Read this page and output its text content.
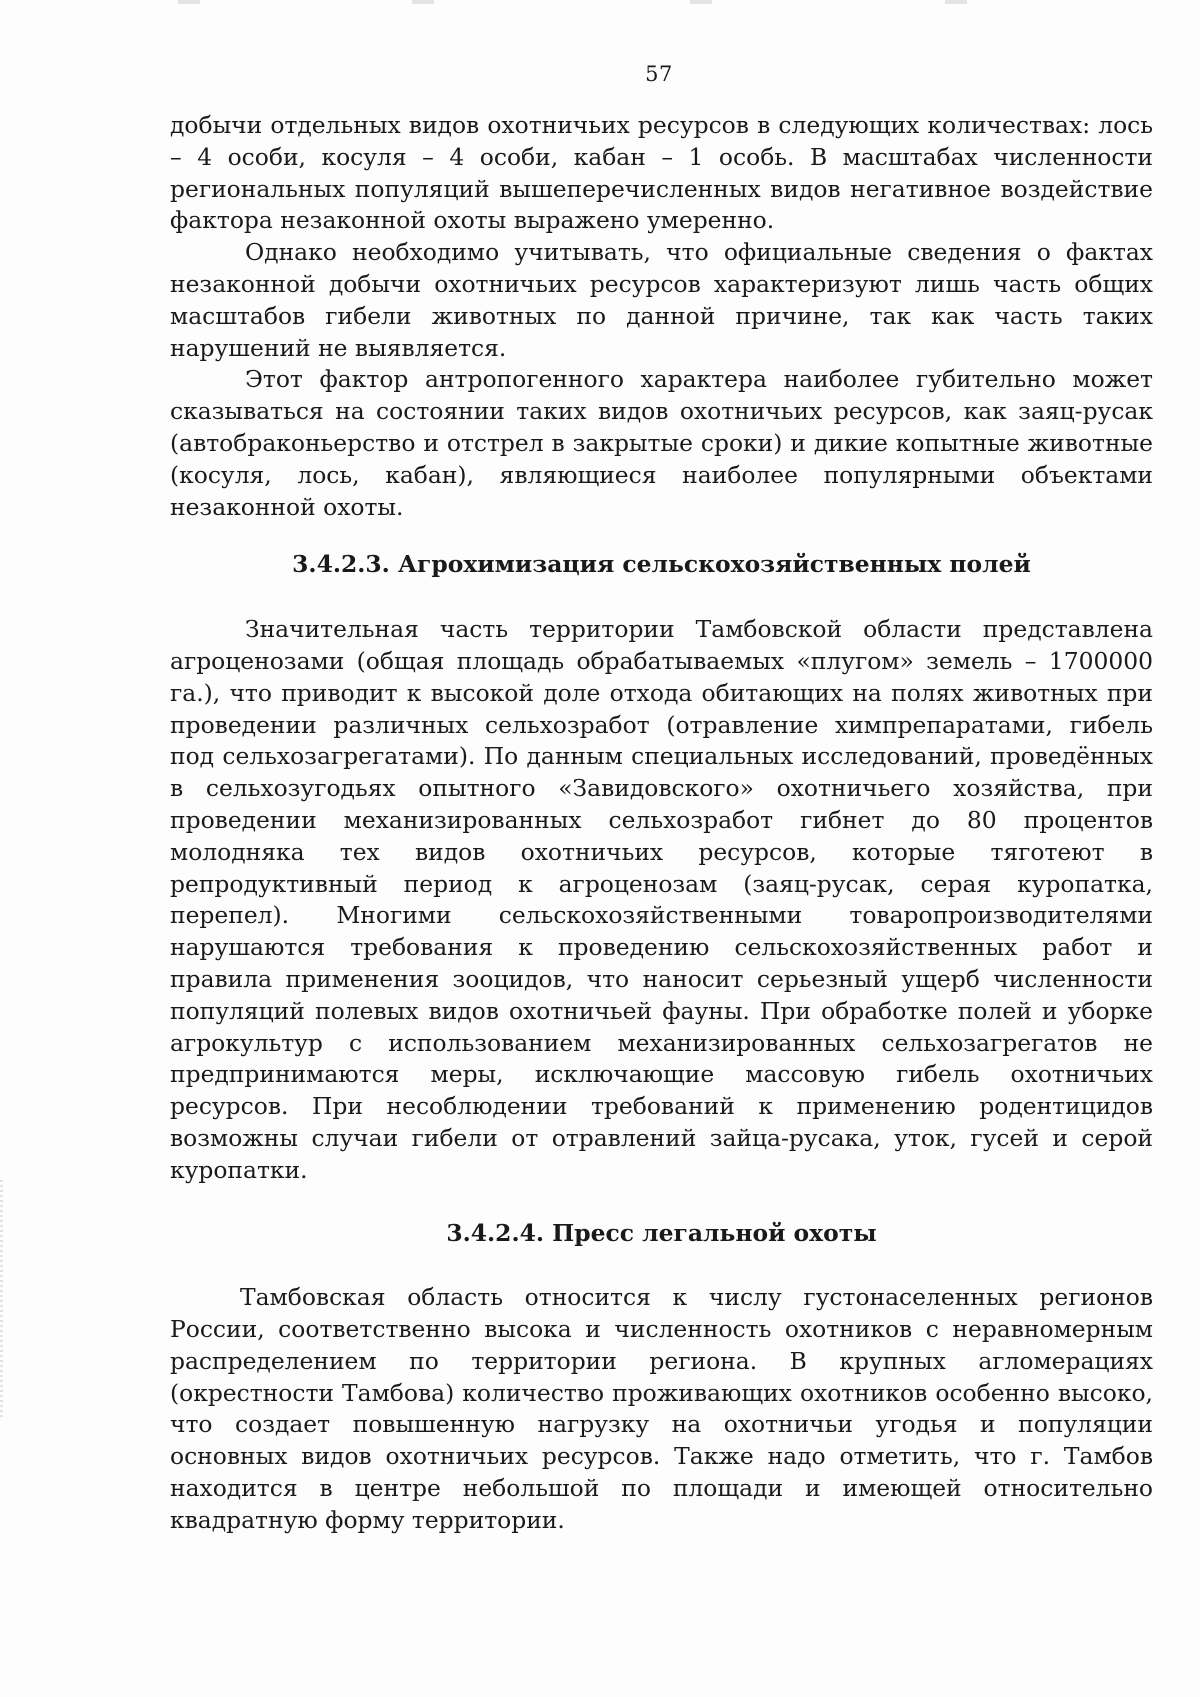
57

добычи отдельных видов охотничьих ресурсов в следующих количествах: лось – 4 особи, косуля – 4 особи, кабан – 1 особь. В масштабах численности региональных популяций вышеперечисленных видов негативное воздействие фактора незаконной охоты выражено умеренно.

Однако необходимо учитывать, что официальные сведения о фактах незаконной добычи охотничьих ресурсов характеризуют лишь часть общих масштабов гибели животных по данной причине, так как часть таких нарушений не выявляется.

Этот фактор антропогенного характера наиболее губительно может сказываться на состоянии таких видов охотничьих ресурсов, как заяц-русак (автобраконьерство и отстрел в закрытые сроки) и дикие копытные животные (косуля, лось, кабан), являющиеся наиболее популярными объектами незаконной охоты.

3.4.2.3. Агрохимизация сельскохозяйственных полей

Значительная часть территории Тамбовской области представлена агроценозами (общая площадь обрабатываемых «плугом» земель – 1700000 га.), что приводит к высокой доле отхода обитающих на полях животных при проведении различных сельхозработ (отравление химпрепаратами, гибель под сельхозагрегатами). По данным специальных исследований, проведённых в сельхозугодьях опытного «Завидовского» охотничьего хозяйства, при проведении механизированных сельхозработ гибнет до 80 процентов молодняка тех видов охотничьих ресурсов, которые тяготеют в репродуктивный период к агроценозам (заяц-русак, серая куропатка, перепел). Многими сельскохозяйственными товаропроизводителями нарушаются требования к проведению сельскохозяйственных работ и правила применения зооцидов, что наносит серьезный ущерб численности популяций полевых видов охотничьей фауны. При обработке полей и уборке агрокультур с использованием механизированных сельхозагрегатов не предпринимаются меры, исключающие массовую гибель охотничьих ресурсов. При несоблюдении требований к применению родентицидов возможны случаи гибели от отравлений зайца-русака, уток, гусей и серой куропатки.

3.4.2.4. Пресс легальной охоты

Тамбовская область относится к числу густонаселенных регионов России, соответственно высока и численность охотников с неравномерным распределением по территории региона. В крупных агломерациях (окрестности Тамбова) количество проживающих охотников особенно высоко, что создает повышенную нагрузку на охотничьи угодья и популяции основных видов охотничьих ресурсов. Также надо отметить, что г. Тамбов находится в центре небольшой по площади и имеющей относительно квадратную форму территории.
